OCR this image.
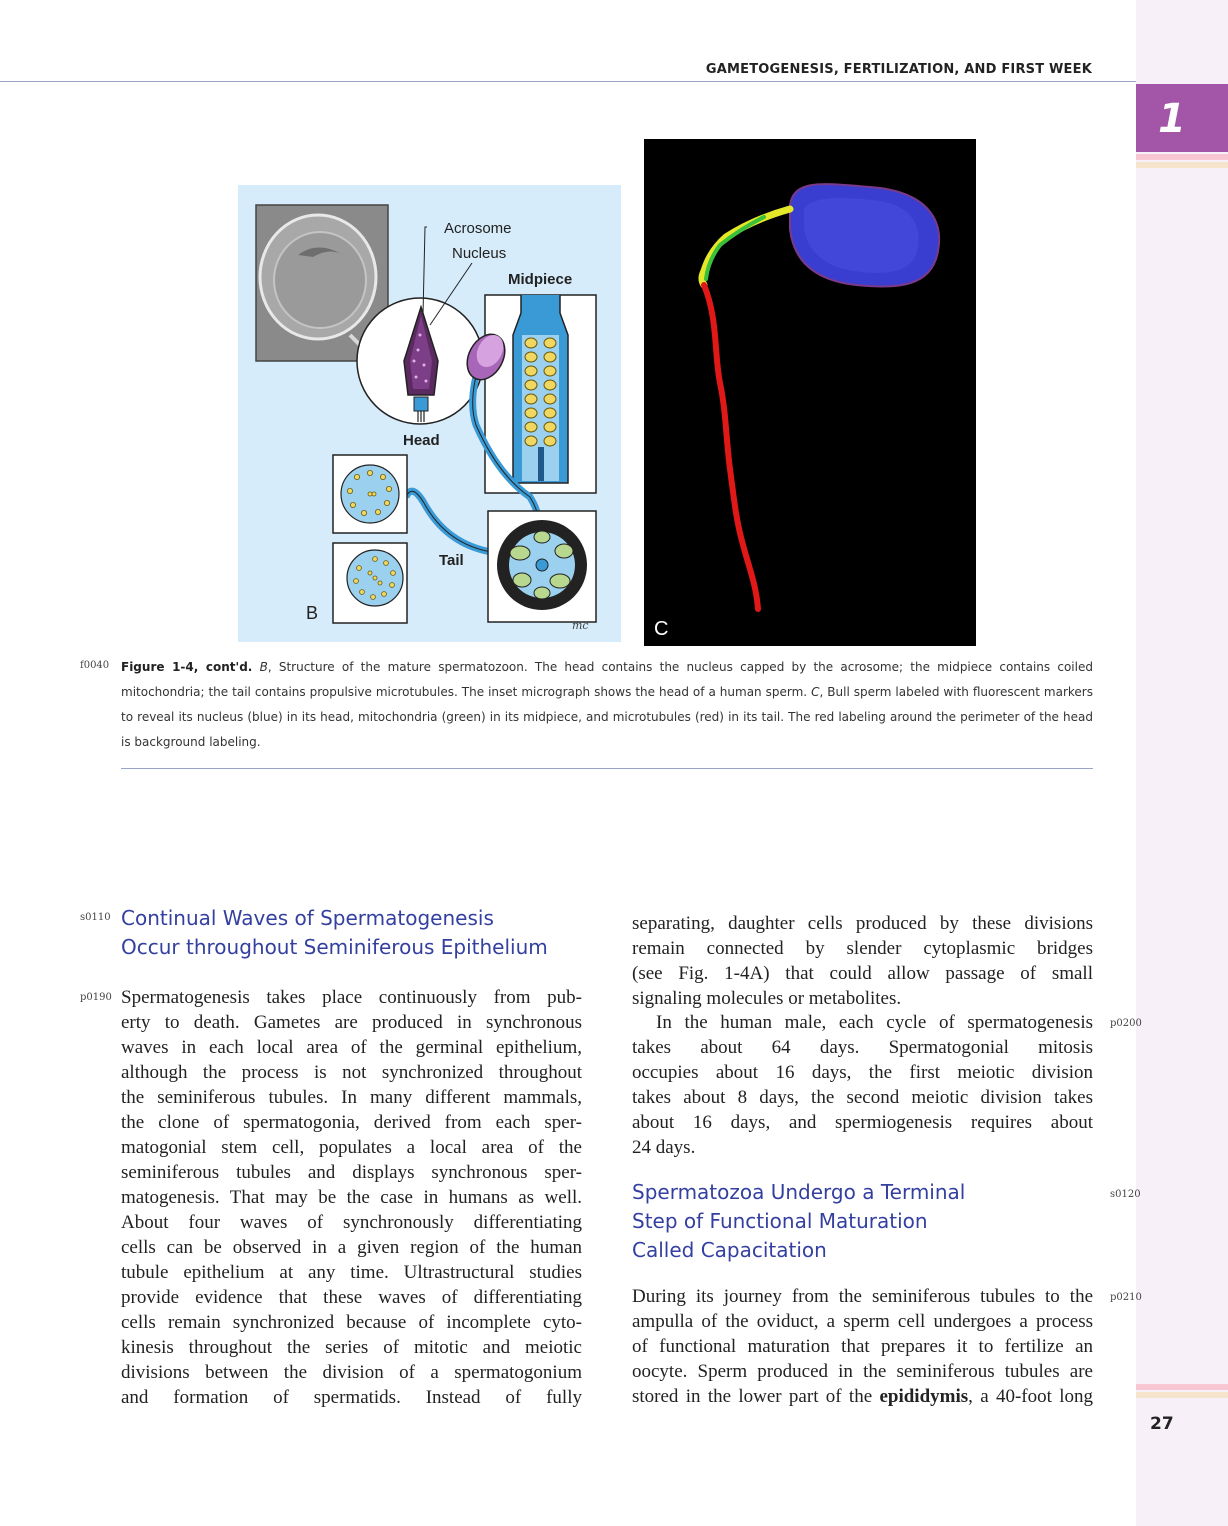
1
GAMETOGENESIS, FERTILIZATION, AND FIRST WEEK
Acrosome
Nucleus
Midpiece
Head
Tail
B
mc	C
f0040 Figure 1-4, cont'd. B, Structure of the mature spermatozoon. The head contains the nucleus capped by the acrosome; the midpiece contains coiled mitochondria; the tail contains propulsive microtubules. The inset micrograph shows the head of a human sperm. C, Bull sperm labeled with fluorescent markers to reveal its nucleus (blue) in its head, mitochondria (green) in its midpiece, and microtubules (red) in its tail. The red labeling around the perimeter of the head is background labeling.
s0110 Continual Waves of Spermatogenesis
Occur throughout Seminiferous Epithelium
p0190 Spermatogenesis takes place continuously from pub-
erty to death. Gametes are produced in synchronous
waves in each local area of the germinal epithelium,
although the process is not synchronized throughout
the seminiferous tubules. In many different mammals,
the clone of spermatogonia, derived from each sper-
matogonial stem cell, populates a local area of the
seminiferous tubules and displays synchronous sper-
matogenesis. That may be the case in humans as well.
About four waves of synchronously differentiating
cells can be observed in a given region of the human
tubule epithelium at any time. Ultrastructural studies
provide evidence that these waves of differentiating
cells remain synchronized because of incomplete cyto-
kinesis throughout the series of mitotic and meiotic
divisions between the division of a spermatogonium
and formation of spermatids. Instead of fully
separating, daughter cells produced by these divisions
remain connected by slender cytoplasmic bridges
(see Fig. 1-4A) that could allow passage of small
signaling molecules or metabolites.
p0200
In the human male, each cycle of spermatogenesis
takes about 64 days. Spermatogonial mitosis
occupies about 16 days, the first meiotic division
takes about 8 days, the second meiotic division takes
about 16 days, and spermiogenesis requires about
24 days.
s0120
Spermatozoa Undergo a Terminal
Step of Functional Maturation
Called Capacitation
p0210
During its journey from the seminiferous tubules to the
ampulla of the oviduct, a sperm cell undergoes a process
of functional maturation that prepares it to fertilize an
oocyte. Sperm produced in the seminiferous tubules are
stored in the lower part of the epididymis, a 40-foot long
27
